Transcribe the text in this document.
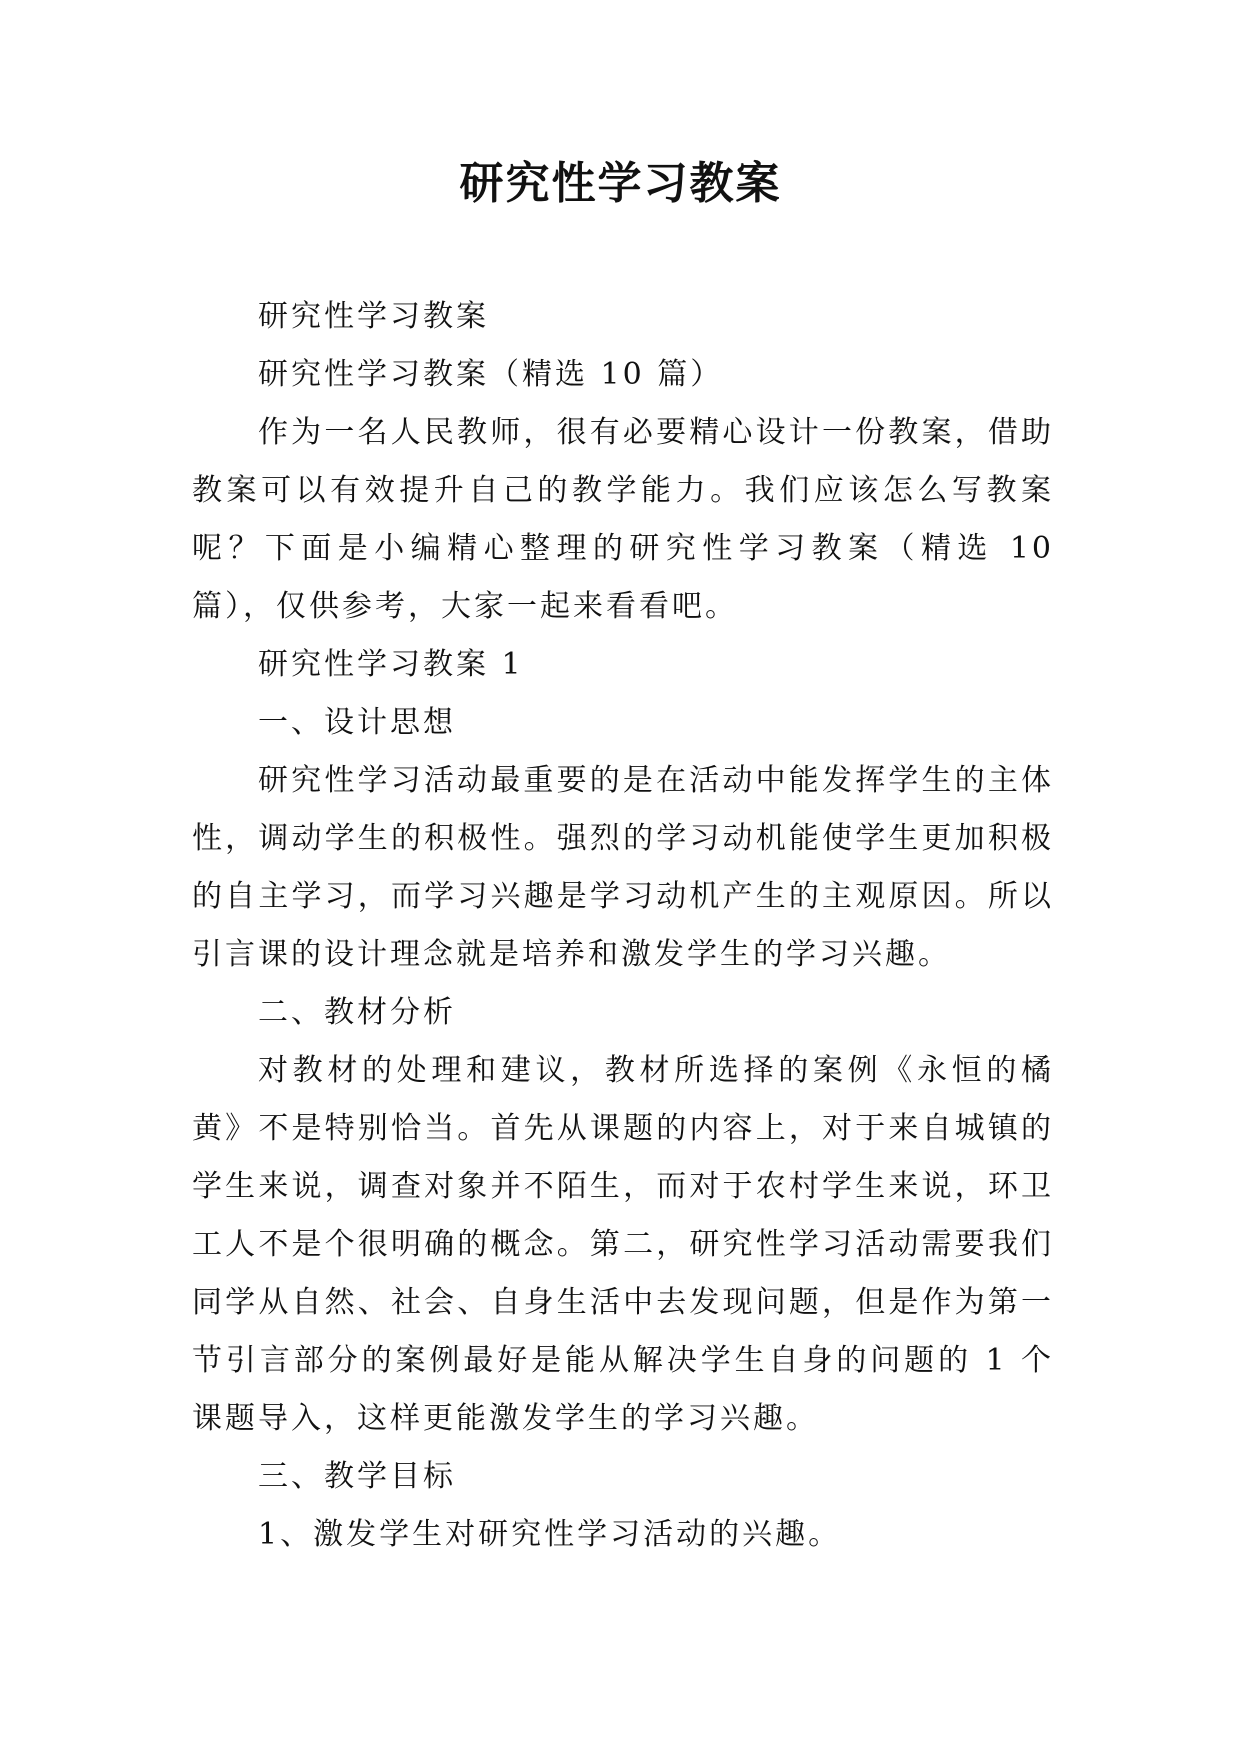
研究性学习教案

研究性学习教案

研究性学习教案（精选 10 篇）

作为一名人民教师，很有必要精心设计一份教案，借助教案可以有效提升自己的教学能力。我们应该怎么写教案呢？下面是小编精心整理的研究性学习教案（精选 10 篇），仅供参考，大家一起来看看吧。

研究性学习教案 1

一、设计思想

研究性学习活动最重要的是在活动中能发挥学生的主体性，调动学生的积极性。强烈的学习动机能使学生更加积极的自主学习，而学习兴趣是学习动机产生的主观原因。所以引言课的设计理念就是培养和激发学生的学习兴趣。

二、教材分析

对教材的处理和建议，教材所选择的案例《永恒的橘黄》不是特别恰当。首先从课题的内容上，对于来自城镇的学生来说，调查对象并不陌生，而对于农村学生来说，环卫工人不是个很明确的概念。第二，研究性学习活动需要我们同学从自然、社会、自身生活中去发现问题，但是作为第一节引言部分的案例最好是能从解决学生自身的问题的 1 个课题导入，这样更能激发学生的学习兴趣。

三、教学目标

1、激发学生对研究性学习活动的兴趣。
